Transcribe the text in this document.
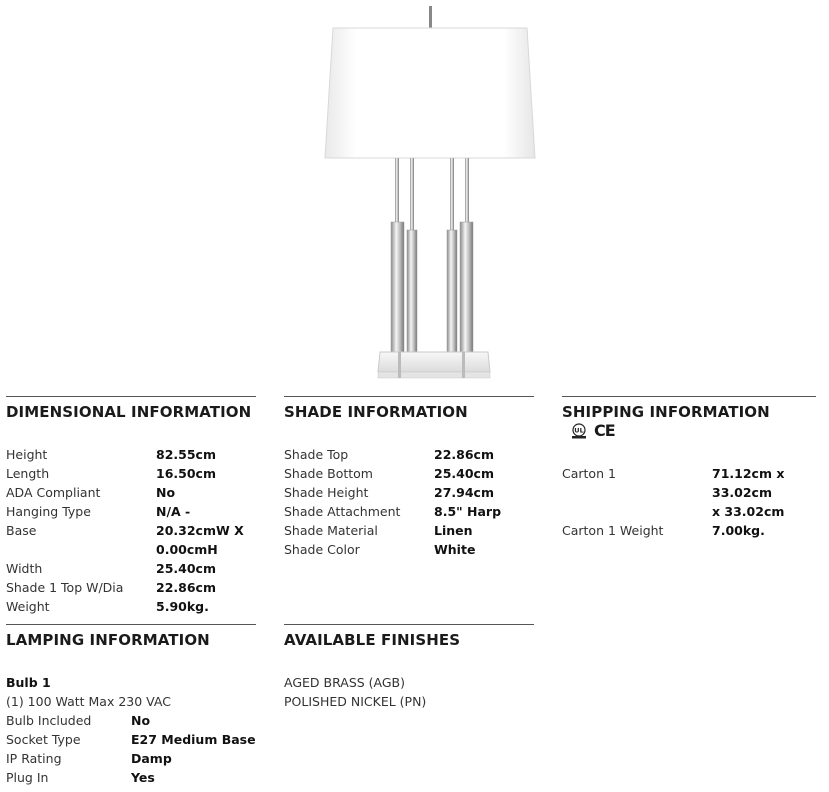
DIMENSIONAL INFORMATION
Height	82.55cm
Length	16.50cm
ADA Compliant	No
Hanging Type	N/A -
Base	20.32cmW X
0.00cmH
Width	25.40cm
Shade 1 Top W/Dia	22.86cm
Weight	5.90kg.
SHADE INFORMATION
Shade Top	22.86cm
Shade Bottom	25.40cm
Shade Height	27.94cm
Shade Attachment	8.5" Harp
Shade Material	Linen
Shade Color	White
SHIPPING INFORMATION
UL CE
Carton 1	71.12cm x 33.02cm
x 33.02cm
Carton 1 Weight	7.00kg.
LAMPING INFORMATION
Bulb 1
(1) 100 Watt Max 230 VAC
Bulb Included	No
Socket Type	E27 Medium Base
IP Rating	Damp
Plug In	Yes
AVAILABLE FINISHES
AGED BRASS (AGB)
POLISHED NICKEL (PN)
